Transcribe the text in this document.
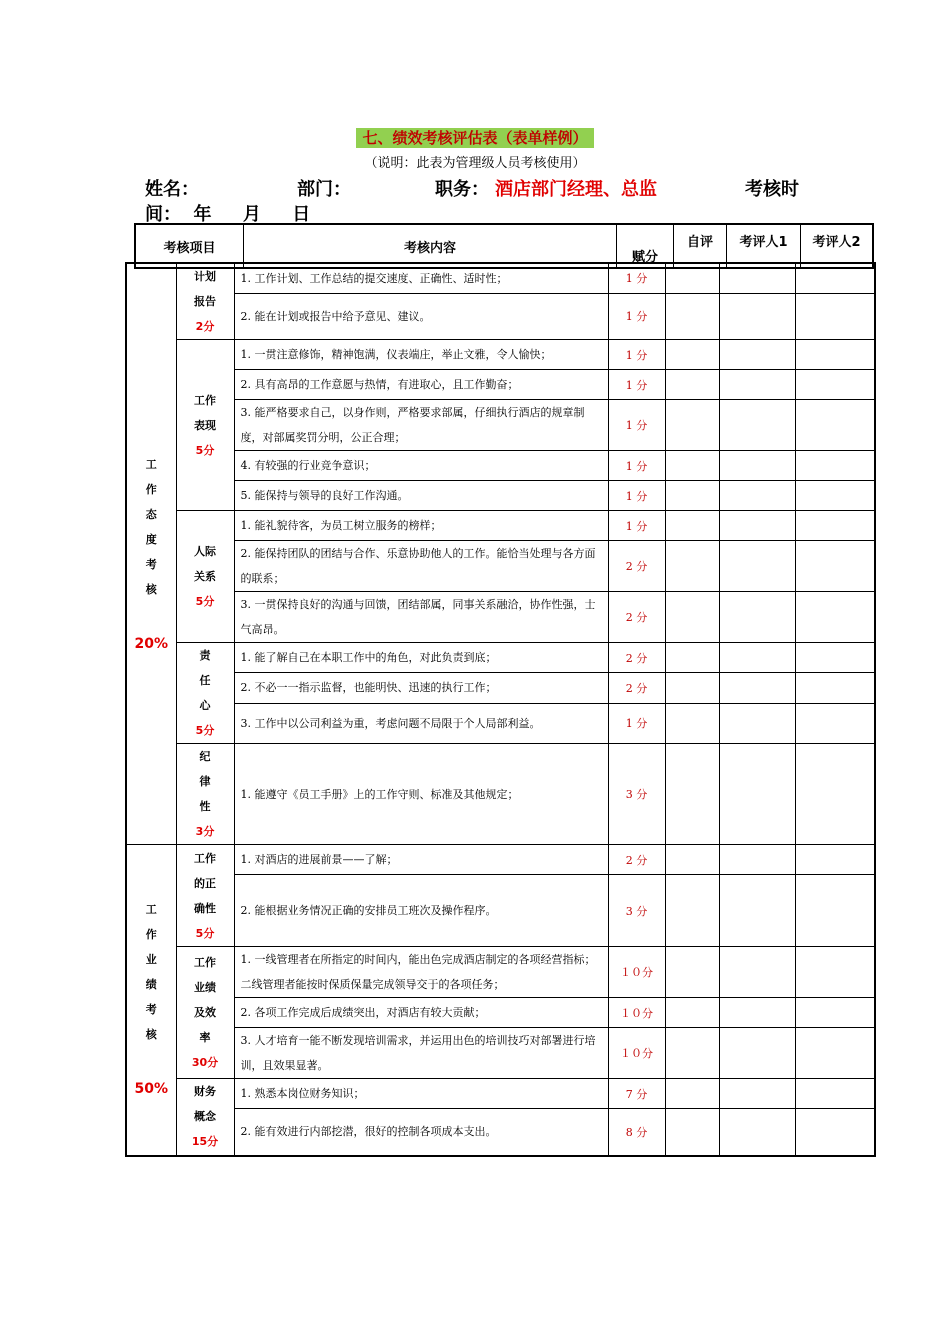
七、绩效考核评估表（表单样例）
（说明：此表为管理级人员考核使用）
姓名：	部门：	职务： 酒店部门经理、总监	考核时
间：  年     月     日
考核项目	考核内容	赋分	自评	考评人1	考评人2
工作态度考核
20%	计划报告
2分	1. 工作计划、工作总结的提交速度、正确性、适时性；	1 分			
		2. 能在计划或报告中给予意见、建议。	1 分			

	工作表现
5分	1. 一贯注意修饰，精神饱满，仪表端庄，举止文雅，令人愉快；	1 分			
		2. 具有高昂的工作意愿与热情，有进取心，且工作勤奋；	1 分			
		3. 能严格要求自己，以身作则，严格要求部属，仔细执行酒店的规章制度，对部属奖罚分明，公正合理；	1 分			
		4. 有较强的行业竞争意识；	1 分			
		5. 能保持与领导的良好工作沟通。	1 分			

	人际关系
5分	1. 能礼貌待客，为员工树立服务的榜样；	1 分			
		2. 能保持团队的团结与合作、乐意协助他人的工作。能恰当处理与各方面的联系；	2 分			
		3. 一贯保持良好的沟通与回馈，团结部属，同事关系融洽，协作性强，士气高昂。	2 分			

	责任心
5分	1. 能了解自己在本职工作中的角色，对此负责到底；	2 分			
		2. 不必一一指示监督，也能明快、迅速的执行工作；	2 分			
		3. 工作中以公司利益为重，考虑问题不局限于个人局部利益。	1 分			

	纪律性
3分	1. 能遵守《员工手册》上的工作守则、标准及其他规定；	3 分			

工作业绩考核
50%	工作的正确性
5分	1. 对酒店的进展前景——了解；	2 分			
		2. 能根据业务情况正确的安排员工班次及操作程序。	3 分			

	工作业绩及效率
30分	1. 一线管理者在所指定的时间内，能出色完成酒店制定的各项经营指标；二线管理者能按时保质保量完成领导交于的各项任务；	１０分			
		2. 各项工作完成后成绩突出，对酒店有较大贡献；	１０分			
		3. 人才培育一能不断发现培训需求，并运用出色的培训技巧对部署进行培训，且效果显著。	１０分			

	财务概念
15分	1. 熟悉本岗位财务知识；	7 分			
		2. 能有效进行内部挖潜，很好的控制各项成本支出。	8 分			
